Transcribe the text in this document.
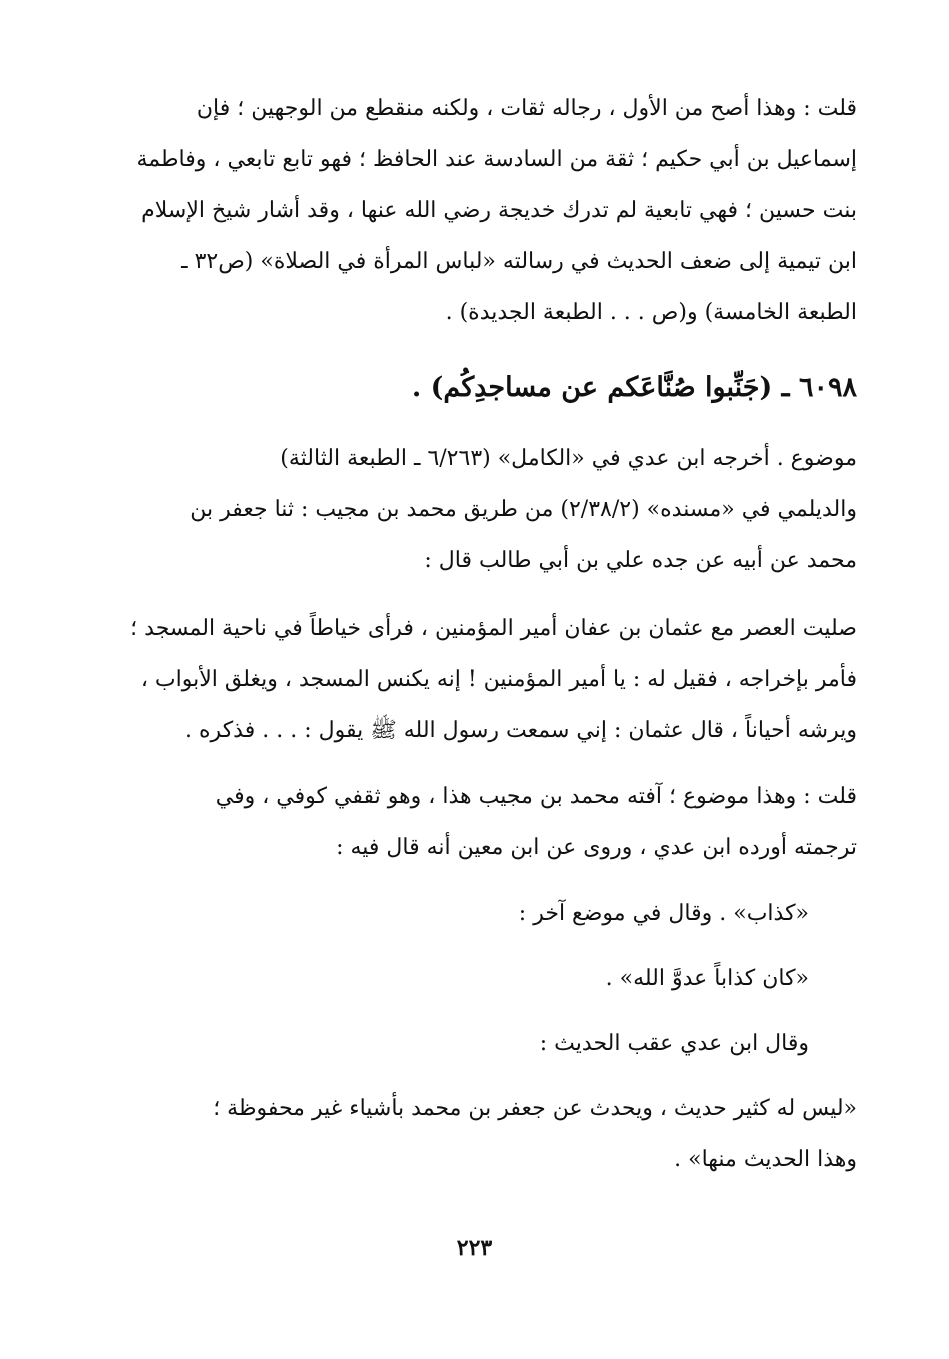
قلت : وهذا أصح من الأول ، رجاله ثقات ، ولكنه منقطع من الوجهين ؛ فإن
إسماعيل بن أبي حكيم ؛ ثقة من السادسة عند الحافظ ؛ فهو تابع تابعي ، وفاطمة
بنت حسين ؛ فهي تابعية لم تدرك خديجة رضي الله عنها ، وقد أشار شيخ الإسلام
ابن تيمية إلى ضعف الحديث في رسالته «لباس المرأة في الصلاة» (ص٣٢ ـ
الطبعة الخامسة) و(ص . . . الطبعة الجديدة) .
٦٠٩٨ ـ (جَنِّبوا صُنَّاعَكم عن مساجدِكُم) .
موضوع . أخرجه ابن عدي في «الكامل» (٦/٢٦٣ ـ الطبعة الثالثة)
والديلمي في «مسنده» (٢/٣٨/٢) من طريق محمد بن مجيب : ثنا جعفر بن
محمد عن أبيه عن جده علي بن أبي طالب قال :
صليت العصر مع عثمان بن عفان أمير المؤمنين ، فرأى خياطاً في ناحية المسجد ؛
فأمر بإخراجه ، فقيل له : يا أمير المؤمنين ! إنه يكنس المسجد ، ويغلق الأبواب ،
ويرشه أحياناً ، قال عثمان : إني سمعت رسول الله ﷺ يقول : . . . فذكره .
قلت : وهذا موضوع ؛ آفته محمد بن مجيب هذا ، وهو ثقفي كوفي ، وفي
ترجمته أورده ابن عدي ، وروى عن ابن معين أنه قال فيه :
«كذاب» . وقال في موضع آخر :
«كان كذاباً عدوَّ الله» .
وقال ابن عدي عقب الحديث :
«ليس له كثير حديث ، ويحدث عن جعفر بن محمد بأشياء غير محفوظة ؛
وهذا الحديث منها» .
٢٢٣
